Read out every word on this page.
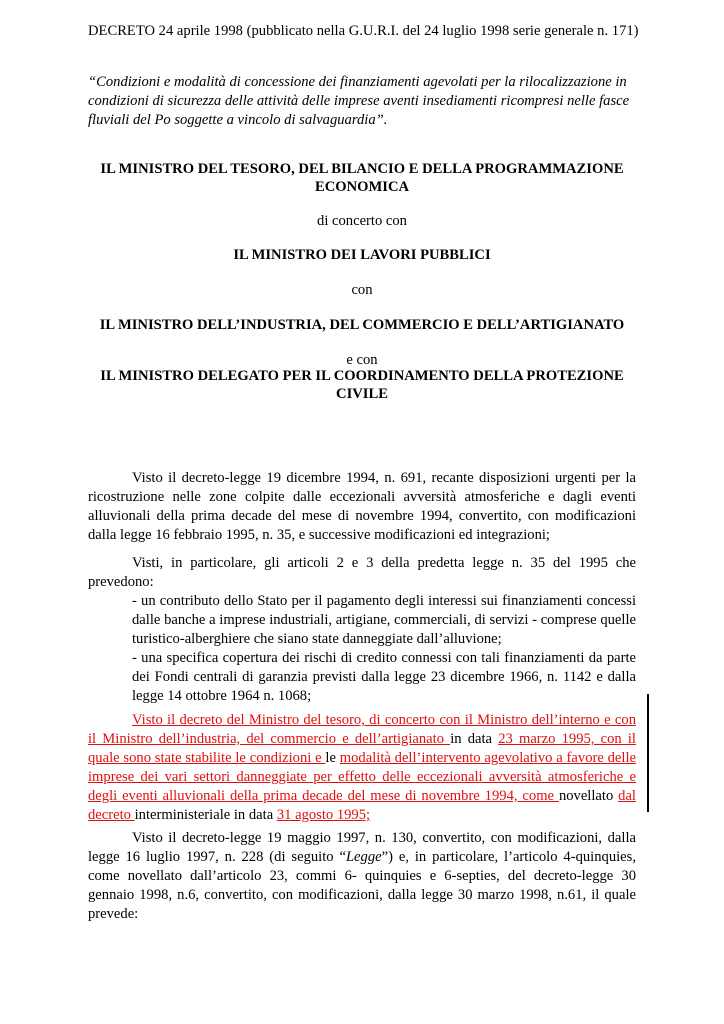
DECRETO 24 aprile 1998 (pubblicato nella G.U.R.I. del 24 luglio 1998 serie generale n. 171)
“Condizioni e modalità di concessione dei finanziamenti agevolati per la rilocalizzazione in condizioni di sicurezza delle attività delle imprese aventi insediamenti ricompresi nelle fasce fluviali del Po soggette a vincolo di salvaguardia”.
IL MINISTRO DEL TESORO, DEL BILANCIO E DELLA PROGRAMMAZIONE ECONOMICA
di concerto con
IL MINISTRO DEI LAVORI PUBBLICI
con
IL MINISTRO DELL’INDUSTRIA, DEL COMMERCIO E DELL’ARTIGIANATO
e con
IL MINISTRO DELEGATO PER IL COORDINAMENTO DELLA PROTEZIONE CIVILE
Visto il decreto-legge 19 dicembre 1994, n. 691, recante disposizioni urgenti per la ricostruzione nelle zone colpite dalle eccezionali avversità atmosferiche e dagli eventi alluvionali della prima decade del mese di novembre 1994, convertito, con modificazioni dalla legge 16 febbraio 1995, n. 35, e successive modificazioni ed integrazioni;
Visti, in particolare, gli articoli 2 e 3 della predetta legge n. 35 del 1995 che prevedono:
- un contributo dello Stato per il pagamento degli interessi sui finanziamenti concessi dalle banche a imprese industriali, artigiane, commerciali, di servizi - comprese quelle turistico-alberghiere che siano state danneggiate dall’alluvione;
- una specifica copertura dei rischi di credito connessi con tali finanziamenti da parte dei Fondi centrali di garanzia previsti dalla legge 23 dicembre 1966, n. 1142 e dalla legge 14 ottobre 1964 n. 1068;
Visto il decreto del Ministro del tesoro, di concerto con il Ministro dell’interno e con il Ministro dell’industria, del commercio e dell’artigianato in data 23 marzo 1995, con il quale sono state stabilite le condizioni e le modalità dell’intervento agevolativo a favore delle imprese dei vari settori danneggiate per effetto delle eccezionali avversità atmosferiche e degli eventi alluvionali della prima decade del mese di novembre 1994, come novellato dal decreto interministeriale in data 31 agosto 1995;
Visto il decreto-legge 19 maggio 1997, n. 130, convertito, con modificazioni, dalla legge 16 luglio 1997, n. 228 (di seguito “Legge”) e, in particolare, l’articolo 4-quinquies, come novellato dall’articolo 23, commi 6- quinquies e 6-septies, del decreto-legge 30 gennaio 1998, n.6, convertito, con modificazioni, dalla legge 30 marzo 1998, n.61, il quale prevede:
